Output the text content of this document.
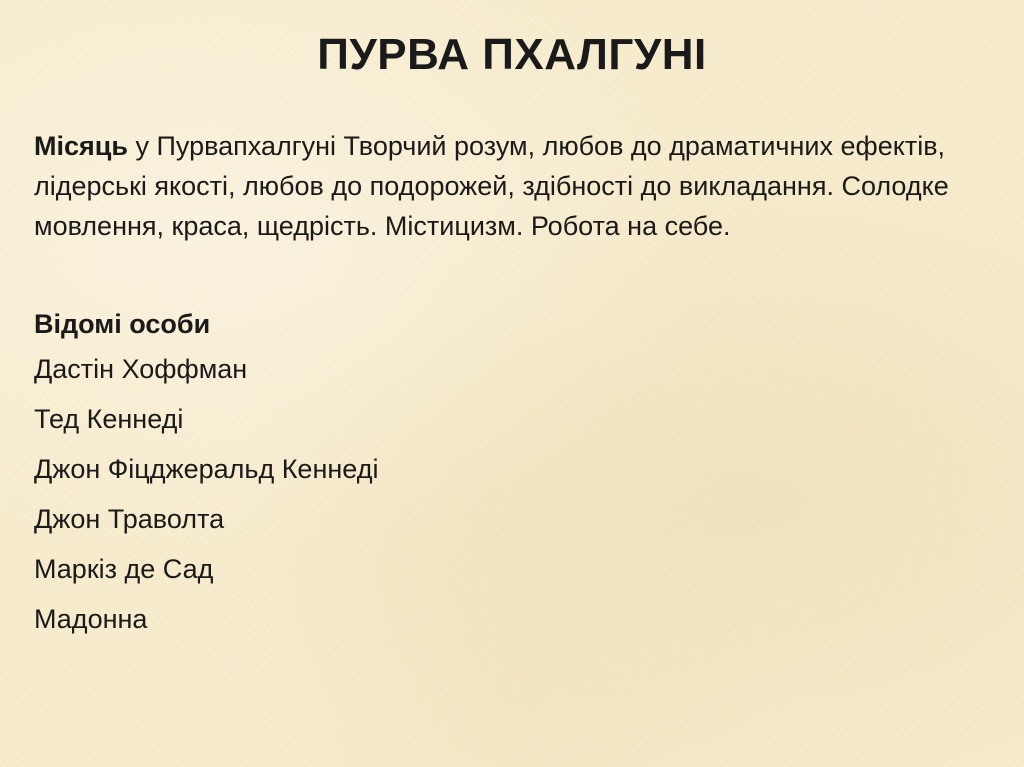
ПУРВА ПХАЛГУНІ

Місяць у Пурвапхалгуні Творчий розум, любов до драматичних ефектів, лідерські якості, любов до подорожей, здібності до викладання. Солодке мовлення, краса, щедрість. Містицизм. Робота на себе.

Відомі особи
Дастін Хоффман
Тед Кеннеді
Джон Фіцджеральд Кеннеді
Джон Траволта
Маркіз де Сад
Мадонна
